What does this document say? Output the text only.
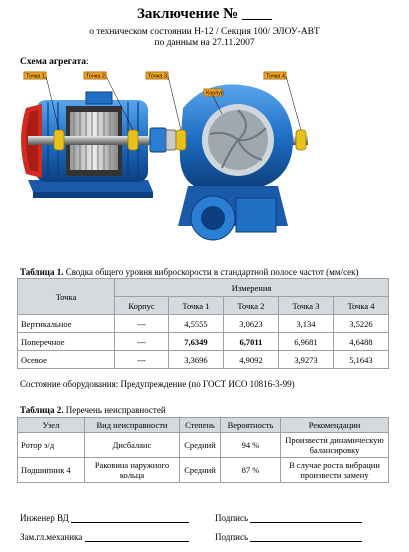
Заключение № ____
о техническом состоянии Н-12 / Секция 100/ ЭЛОУ-АВТ
по данным на 27.11.2007
Схема агрегата:
Точка 1	Точка 2	Точка 3	Точка 4
Корпус
Таблица 1. Сводка общего уровня виброскорости в стандартной полосе частот (мм/сек)
Точка	Измерения				
	Корпус	Точка 1	Точка 2	Точка 3	Точка 4
Вертикальное	---	4,5555	3,0623	3,134	3,5226
Поперечное	---	7,6349	6,7011	6,9681	4,6488
Осевое	---	3,3696	4,9092	3,9273	5,1643
Состояние оборудования: Предупреждение (по ГОСТ ИСО 10816-3-99)
Таблица 2. Перечень неисправностей
Узел	Вид неисправности	Степень	Вероятность	Рекомендации
Ротор э/д	Дисбаланс	Средний	94 %	Произвести динамическую балансировку
Подшипник 4	Раковина наружного кольца	Средний	87 %	В случае роста вибрации произвести замену
Инженер ВД	Подпись
Зам.гл.механика	Подпись
